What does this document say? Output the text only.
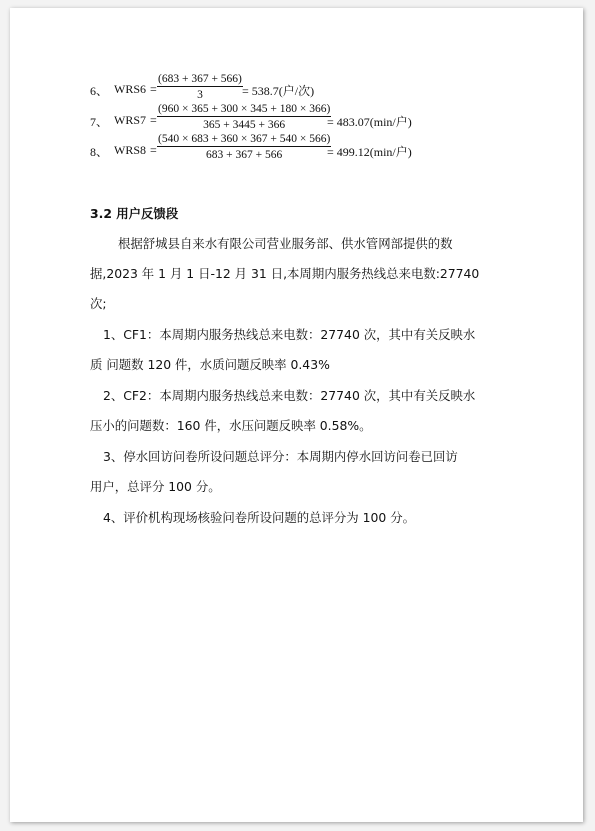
6、 $WRS6 = \frac{(683 + 367 + 566)}{3} = 538.7$(户/次)
7、 $WRS7 = \frac{(960 \times 365 + 300 \times 345 + 180 \times 366)}{365 + 3445 + 366}$
= 483.07(min/户)
8、 $WRS8 = \frac{(540 \times 683 + 360 \times 367 + 540 \times 566)}{683 + 367 + 566}$
= 499.12(min/户)
3.2 用户反馈段
根据舒城县自来水有限公司营业服务部、供水管网部提供的数
据,2023 年 1 月 1 日-12 月 31 日,本周期内服务热线总来电数:27740
次;
1、CF1：本周期内服务热线总来电数：27740 次，其中有关反映水
质 问题数 120 件，水质问题反映率 0.43%
2、CF2：本周期内服务热线总来电数：27740 次，其中有关反映水
压小的问题数：160 件，水压问题反映率 0.58%。
3、停水回访问卷所设问题总评分：本周期内停水回访问卷已回访
用户，总评分 100 分。
4、评价机构现场核验问卷所设问题的总评分为 100 分。
